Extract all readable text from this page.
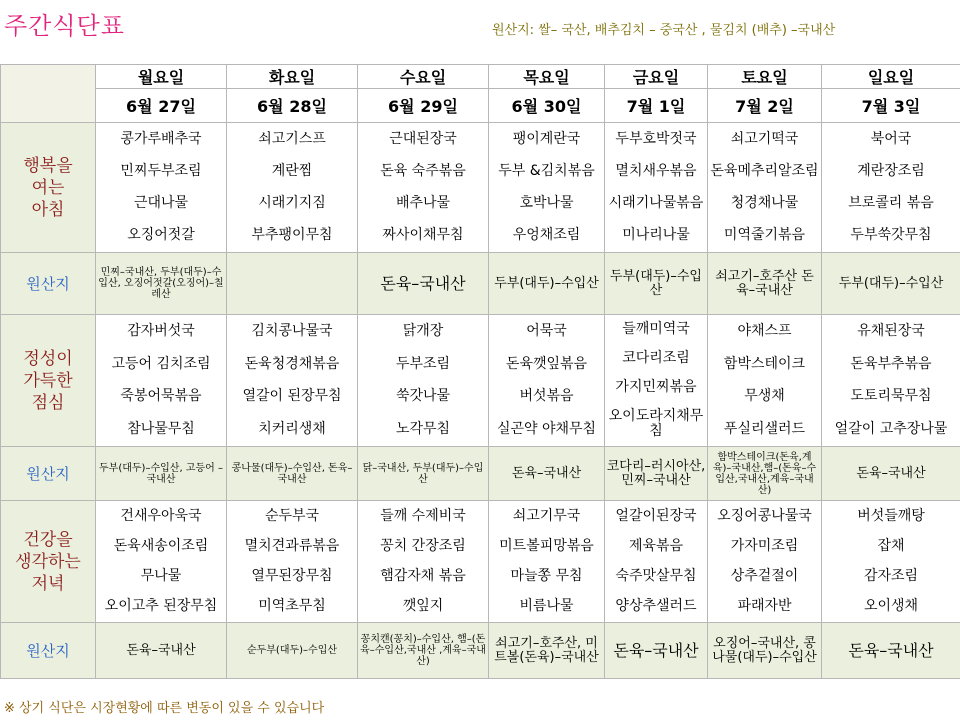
주간식단표	원산지: 쌀– 국산, 배추김치 – 중국산 , 물김치 (배추) –국내산
	월요일	화요일	수요일	목요일	금요일	토요일	일요일
	6월 27일	6월 28일	6월 29일	6월 30일	7월 1일	7월 2일	7월 3일

행복을
여는
아침	콩가루배추국
민찌두부조림
근대나물
오징어젓갈	쇠고기스프
계란찜
시래기지짐
부추팽이무침	근대된장국
돈육 숙주볶음
배추나물
짜사이채무침	팽이계란국
두부 &김치볶음
호박나물
우엉채조림	두부호박젓국
멸치새우볶음
시래기나물볶음
미나리나물	쇠고기떡국
돈육메추리알조림
청경채나물
미역줄기볶음	북어국
계란장조림
브로콜리 볶음
두부쑥갓무침

원산지	민찌–국내산, 두부(대두)–수입산, 오징어젓갈(오징어)–칠레산		돈육–국내산	두부(대두)–수입산	두부(대두)–수입산	쇠고기–호주산 돈육–국내산	두부(대두)–수입산

정성이
가득한
점심	감자버섯국
고등어 김치조림
죽봉어묵볶음
참나물무침	김치콩나물국
돈육청경채볶음
열갈이 된장무침
치커리생채	닭개장
두부조림
쑥갓나물
노각무침	어묵국
돈육깻잎볶음
버섯볶음
실곤약 야채무침	들깨미역국
코다리조림
가지민찌볶음
오이도라지채무침	야채스프
함박스테이크
무생채
푸실리샐러드	유채된장국
돈육부추볶음
도토리묵무침
얼갈이 고추장나물

원산지	두부(대두)–수입산, 고등어 –국내산	콩나물(대두)–수입산, 돈육–국내산	닭–국내산, 두부(대두)–수입산	돈육–국내산	코다리–러시아산, 민찌–국내산	함박스테이크(돈육,계육)–국내산,햄–(돈육–수입산,국내산,계육–국내산)	돈육–국내산

건강을
생각하는
저녁	건새우아욱국
돈육새송이조림
무나물
오이고추 된장무침	순두부국
멸치견과류볶음
열무된장무침
미역초무침	들깨 수제비국
꽁치 간장조림
햄감자채 볶음
깻잎지	쇠고기무국
미트볼피망볶음
마늘쫑 무침
비름나물	얼갈이된장국
제육볶음
숙주맛살무침
양상추샐러드	오징어콩나물국
가자미조림
상추겉절이
파래자반	버섯들깨탕
잡채
감자조림
오이생채

원산지	돈육–국내산	순두부(대두)–수입산	꽁치캔(꽁치)–수입산, 햄–(돈육–수입산,국내산 ,계육–국내산)	쇠고기–호주산, 미트볼(돈육)–국내산	돈육–국내산	오징어–국내산, 콩나물(대두)–수입산	돈육–국내산
※ 상기 식단은 시장현황에 따른 변동이 있을 수 있습니다
